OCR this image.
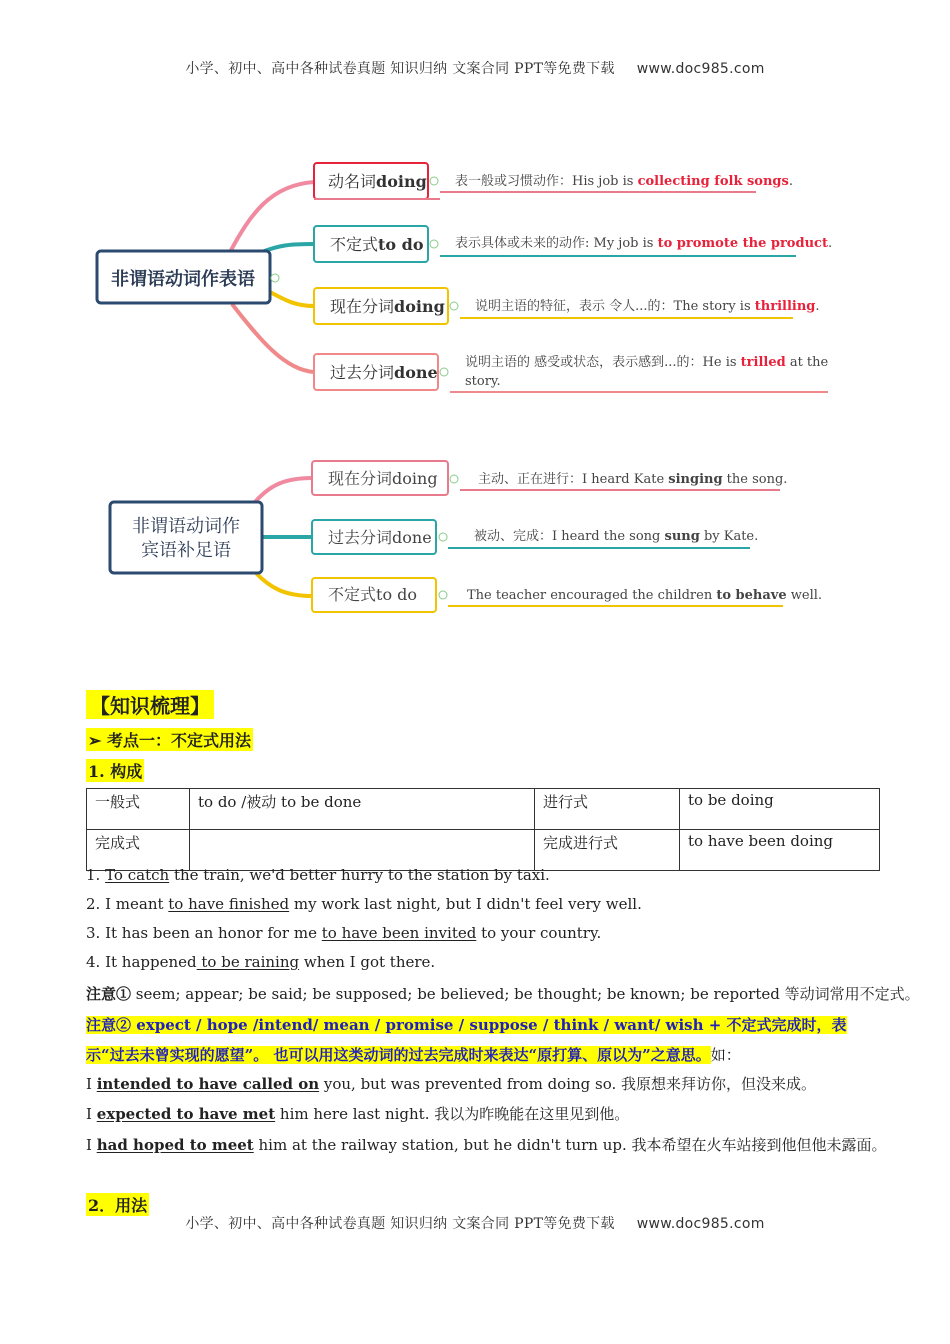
小学、初中、高中各种试卷真题 知识归纳 文案合同 PPT等免费下载 www.doc985.com
非谓语动词作表语
动名词doing 表一般或习惯动作：His job is collecting folk songs.
不定式to do 表示具体或未来的动作: My job is to promote the product.
现在分词doing 说明主语的特征，表示 令人...的：The story is thrilling.
过去分词done
说明主语的 感受或状态，表示感到...的：He is trilled at the
story.
非谓语动词作
宾语补足语
现在分词doing	主动、正在进行：I heard Kate singing the song.
过去分词done	被动、完成：I heard the song sung by Kate.
不定式to do	The teacher encouraged the children to behave well.
【知识梳理】
➢ 考点一：不定式用法
1. 构成
一般式	to do /被动 to be done	进行式	to be doing
完成式		完成进行式	to have been doing
1. To catch the train, we'd better hurry to the station by taxi.
2. I meant to have finished my work last night, but I didn't feel very well.
3. It has been an honor for me to have been invited to your country.
4. It happened to be raining when I got there.
注意① seem; appear; be said; be supposed; be believed; be thought; be known; be reported 等动词常用不定式。
注意② expect / hope /intend/ mean / promise / suppose / think / want/ wish + 不定式完成时，表示“过去未曾实现的愿望”。 也可以用这类动词的过去完成时来表达“原打算、原以为”之意思。如：
I intended to have called on you, but was prevented from doing so. 我原想来拜访你，但没来成。
I expected to have met him here last night. 我以为昨晚能在这里见到他。
I had hoped to meet him at the railway station, but he didn't turn up. 我本希望在火车站接到他但他未露面。
2．用法
小学、初中、高中各种试卷真题 知识归纳 文案合同 PPT等免费下载 www.doc985.com
